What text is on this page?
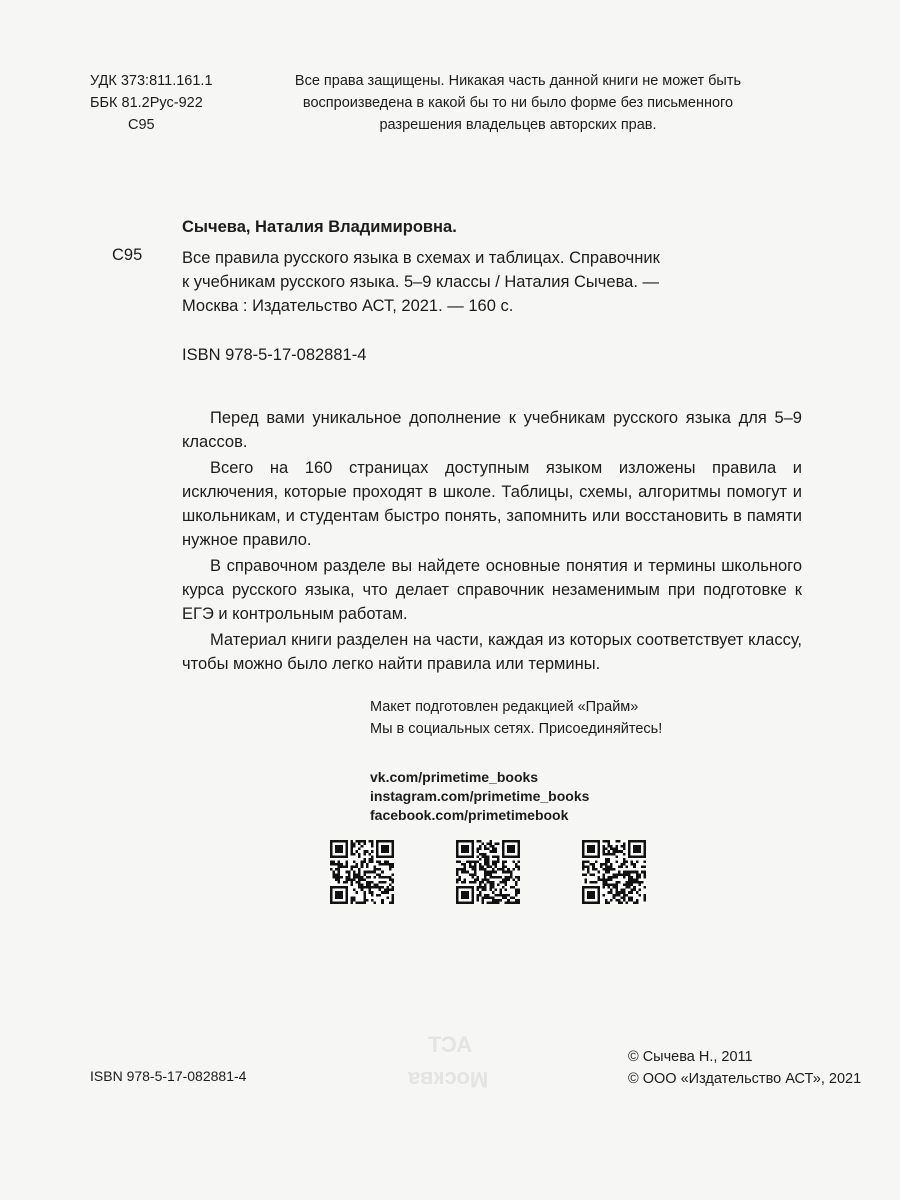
АСТ
Москва
УДК 373:811.161.1
ББК 81.2Рус-922
С95
Все права защищены. Никакая часть данной книги не может быть
воспроизведена в какой бы то ни было форме без письменного
разрешения владельцев авторских прав.
Сычева, Наталия Владимировна.
С95 Все правила русского языка в схемах и таблицах. Справочник
к учебникам русского языка. 5–9 классы / Наталия Сычева. —
Москва : Издательство АСТ, 2021. — 160 с.
ISBN 978-5-17-082881-4

Перед вами уникальное дополнение к учебникам русского языка для 5–9 классов.

Всего на 160 страницах доступным языком изложены правила и исключения, которые проходят в школе. Таблицы, схемы, алгоритмы помогут и школьникам, и студентам быстро понять, запомнить или восстановить в памяти нужное правило.

В справочном разделе вы найдете основные понятия и термины школьного курса русского языка, что делает справочник незаменимым при подготовке к ЕГЭ и контрольным работам.

Материал книги разделен на части, каждая из которых соответствует классу, чтобы можно было легко найти правила или термины.

Макет подготовлен редакцией «Прайм»
Мы в социальных сетях. Присоединяйтесь!
vk.com/primetime_books
instagram.com/primetime_books
facebook.com/primetimebook
ISBN 978-5-17-082881-4
© Сычева Н., 2011
© ООО «Издательство АСТ», 2021
